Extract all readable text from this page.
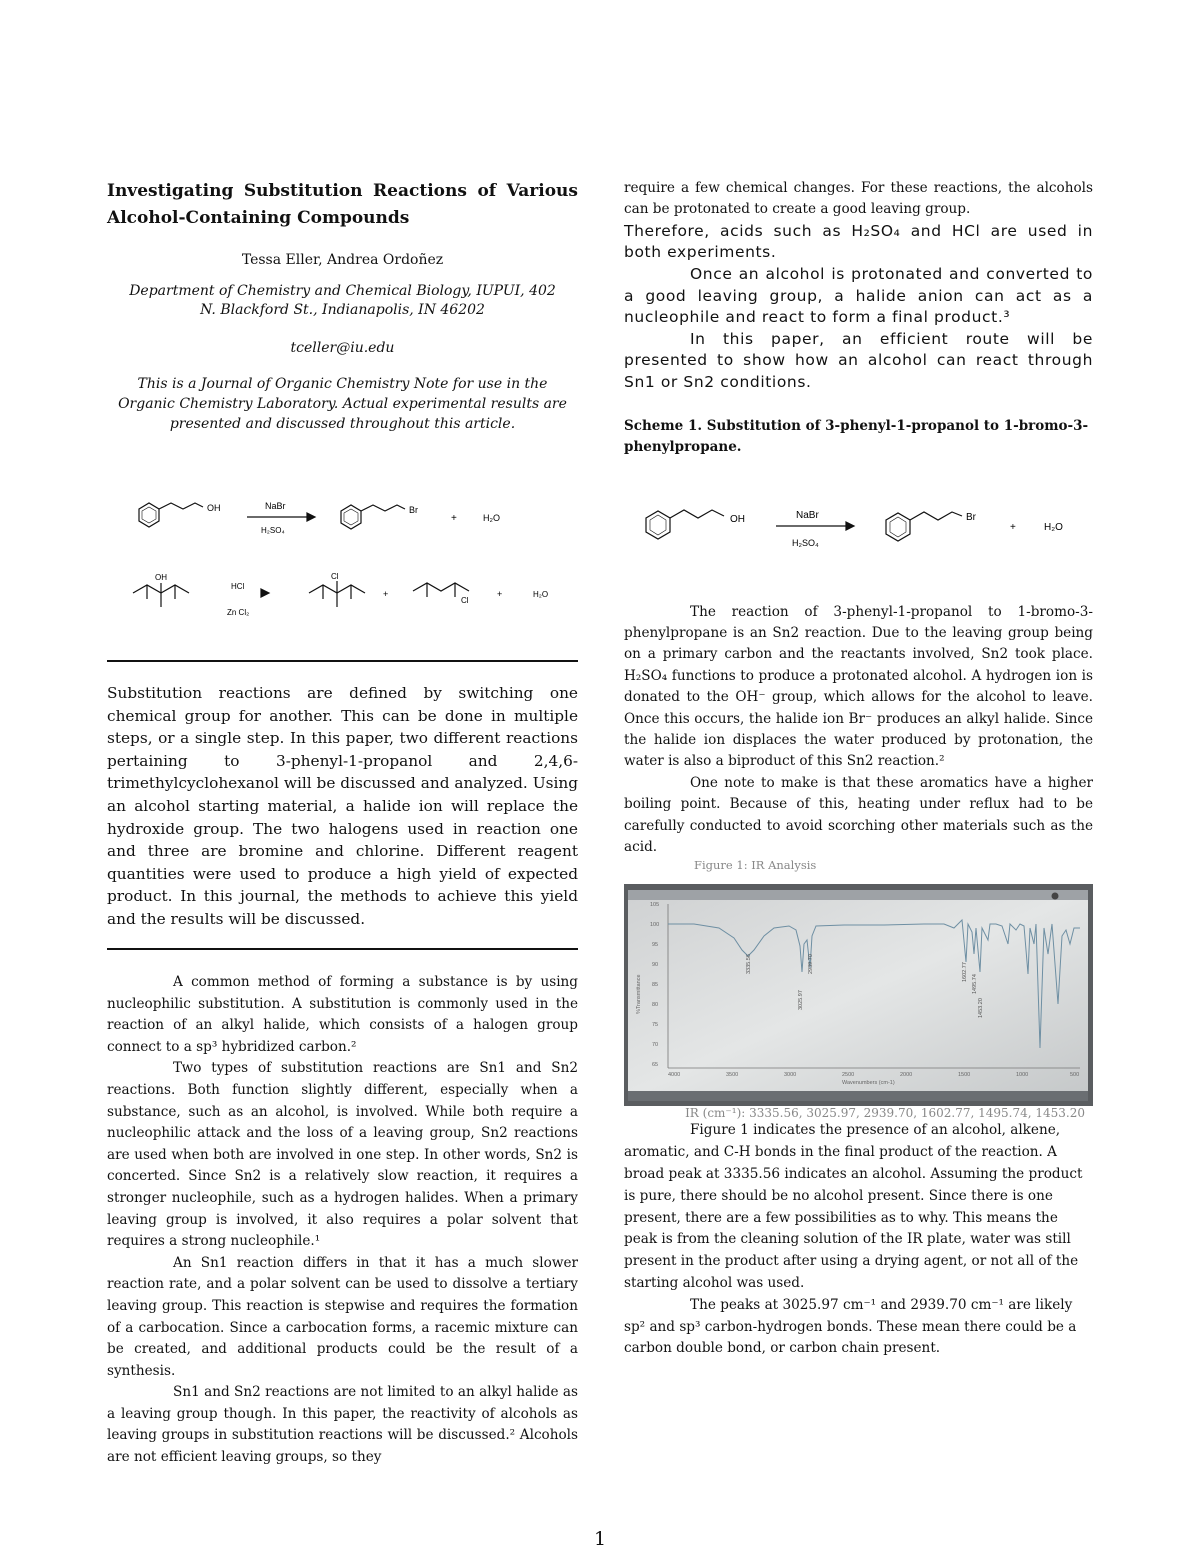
Investigating Substitution Reactions of Various Alcohol-Containing Compounds
Tessa Eller, Andrea Ordoñez
Department of Chemistry and Chemical Biology, IUPUI, 402
N. Blackford St., Indianapolis, IN 46202
tceller@iu.edu
This is a Journal of Organic Chemistry Note for use in the Organic Chemistry Laboratory. Actual experimental results are presented and discussed throughout this article.
OH	NaBr
H₂SO₄
Br
+	H₂O
OH
HCl
Zn Cl₂
Cl
+
Cl
+	H₂O
Substitution reactions are defined by switching one chemical group for another. This can be done in multiple steps, or a single step. In this paper, two different reactions pertaining to 3-phenyl-1-propanol and 2,4,6-trimethylcyclohexanol will be discussed and analyzed. Using an alcohol starting material, a halide ion will replace the hydroxide group. The two halogens used in reaction one and three are bromine and chlorine. Different reagent quantities were used to produce a high yield of expected product. In this journal, the methods to achieve this yield and the results will be discussed.

A common method of forming a substance is by using nucleophilic substitution. A substitution is commonly used in the reaction of an alkyl halide, which consists of a halogen group connect to a sp³ hybridized carbon.²

Two types of substitution reactions are Sn1 and Sn2 reactions. Both function slightly different, especially when a substance, such as an alcohol, is involved. While both require a nucleophilic attack and the loss of a leaving group, Sn2 reactions are used when both are involved in one step. In other words, Sn2 is concerted. Since Sn2 is a relatively slow reaction, it requires a stronger nucleophile, such as a hydrogen halides. When a primary leaving group is involved, it also requires a polar solvent that requires a strong nucleophile.¹

An Sn1 reaction differs in that it has a much slower reaction rate, and a polar solvent can be used to dissolve a tertiary leaving group. This reaction is stepwise and requires the formation of a carbocation. Since a carbocation forms, a racemic mixture can be created, and additional products could be the result of a synthesis.

Sn1 and Sn2 reactions are not limited to an alkyl halide as a leaving group though. In this paper, the reactivity of alcohols as leaving groups in substitution reactions will be discussed.² Alcohols are not efficient leaving groups, so they

require a few chemical changes. For these reactions, the alcohols can be protonated to create a good leaving group.

Therefore, acids such as H₂SO₄ and HCl are used in both experiments.

Once an alcohol is protonated and converted to a good leaving group, a halide anion can act as a nucleophile and react to form a final product.³

In this paper, an efficient route will be presented to show how an alcohol can react through Sn1 or Sn2 conditions.

Scheme 1. Substitution of 3-phenyl-1-propanol to 1-bromo-3-phenylpropane.

OH	NaBr
H₂SO₄
Br
+	H₂O

The reaction of 3-phenyl-1-propanol to 1-bromo-3-phenylpropane is an Sn2 reaction. Due to the leaving group being on a primary carbon and the reactants involved, Sn2 took place. H₂SO₄ functions to produce a protonated alcohol. A hydrogen ion is donated to the OH⁻ group, which allows for the alcohol to leave. Once this occurs, the halide ion Br⁻ produces an alkyl halide. Since the halide ion displaces the water produced by protonation, the water is also a biproduct of this Sn2 reaction.²

One note to make is that these aromatics have a higher boiling point. Because of this, heating under reflux had to be carefully conducted to avoid scorching other materials such as the acid.

Figure 1: IR Analysis
105
100
95
90
85
80
75
70
65
4000	3500	3000	2500	2000	1500	1000	500
Wavenumbers (cm-1)
%Transmittance
3335.56
3025.97
2939.70	1602.77
1495.74
1453.20
IR (cm⁻¹): 3335.56, 3025.97, 2939.70, 1602.77, 1495.74, 1453.20

Figure 1 indicates the presence of an alcohol, alkene, aromatic, and C-H bonds in the final product of the reaction. A broad peak at 3335.56 indicates an alcohol. Assuming the product is pure, there should be no alcohol present. Since there is one present, there are a few possibilities as to why. This means the peak is from the cleaning solution of the IR plate, water was still present in the product after using a drying agent, or not all of the starting alcohol was used.

The peaks at 3025.97 cm⁻¹ and 2939.70 cm⁻¹ are likely sp² and sp³ carbon-hydrogen bonds. These mean there could be a carbon double bond, or carbon chain present.

1
